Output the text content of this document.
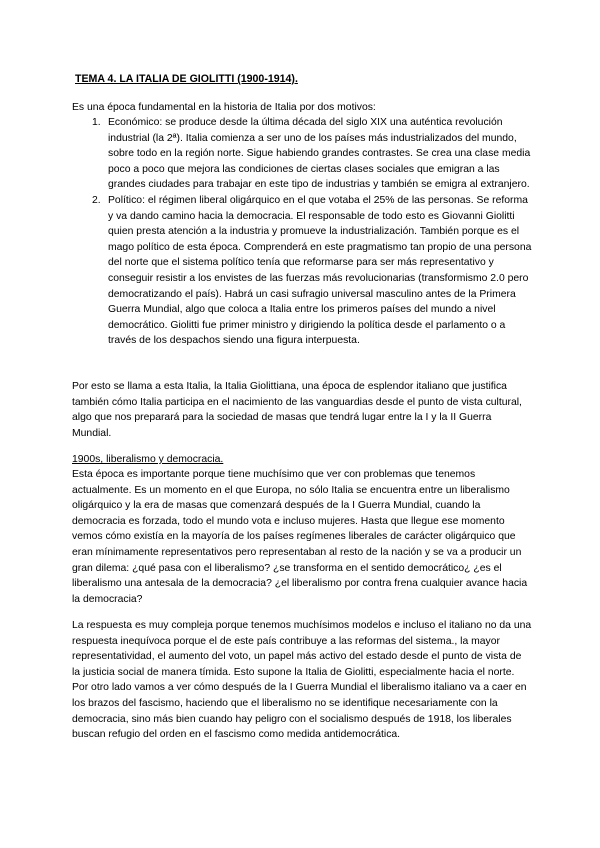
TEMA 4. LA ITALIA DE GIOLITTI (1900-1914).

Es una época fundamental en la historia de Italia por dos motivos:

1. Económico: se produce desde la última década del siglo XIX una auténtica revolución industrial (la 2ª). Italia comienza a ser uno de los países más industrializados del mundo, sobre todo en la región norte. Sigue habiendo grandes contrastes. Se crea una clase media poco a poco que mejora las condiciones de ciertas clases sociales que emigran a las grandes ciudades para trabajar en este tipo de industrias y también se emigra al extranjero.

2. Político: el régimen liberal oligárquico en el que votaba el 25% de las personas. Se reforma y va dando camino hacia la democracia. El responsable de todo esto es Giovanni Giolitti quien presta atención a la industria y promueve la industrialización. También porque es el mago político de esta época. Comprenderá en este pragmatismo tan propio de una persona del norte que el sistema político tenía que reformarse para ser más representativo y conseguir resistir a los envistes de las fuerzas más revolucionarias (transformismo 2.0 pero democratizando el país). Habrá un casi sufragio universal masculino antes de la Primera Guerra Mundial, algo que coloca a Italia entre los primeros países del mundo a nivel democrático. Giolitti fue primer ministro y dirigiendo la política desde el parlamento o a través de los despachos siendo una figura interpuesta.

Por esto se llama a esta Italia, la Italia Giolittiana, una época de esplendor italiano que justifica también cómo Italia participa en el nacimiento de las vanguardias desde el punto de vista cultural, algo que nos preparará para la sociedad de masas que tendrá lugar entre la I y la II Guerra Mundial.

1900s, liberalismo y democracia.

Esta época es importante porque tiene muchísimo que ver con problemas que tenemos actualmente. Es un momento en el que Europa, no sólo Italia se encuentra entre un liberalismo oligárquico y la era de masas que comenzará después de la I Guerra Mundial, cuando la democracia es forzada, todo el mundo vota e incluso mujeres. Hasta que llegue ese momento vemos cómo existía en la mayoría de los países regímenes liberales de carácter oligárquico que eran mínimamente representativos pero representaban al resto de la nación y se va a producir un gran dilema: ¿qué pasa con el liberalismo? ¿se transforma en el sentido democrático¿ ¿es el liberalismo una antesala de la democracia? ¿el liberalismo por contra frena cualquier avance hacia la democracia?

La respuesta es muy compleja porque tenemos muchísimos modelos e incluso el italiano no da una respuesta inequívoca porque el de este país contribuye a las reformas del sistema., la mayor representatividad, el aumento del voto, un papel más activo del estado desde el punto de vista de la justicia social de manera tímida. Esto supone la Italia de Giolitti, especialmente hacia el norte. Por otro lado vamos a ver cómo después de la I Guerra Mundial el liberalismo italiano va a caer en los brazos del fascismo, haciendo que el liberalismo no se identifique necesariamente con la democracia, sino más bien cuando hay peligro con el socialismo después de 1918, los liberales buscan refugio del orden en el fascismo como medida antidemocrática.
